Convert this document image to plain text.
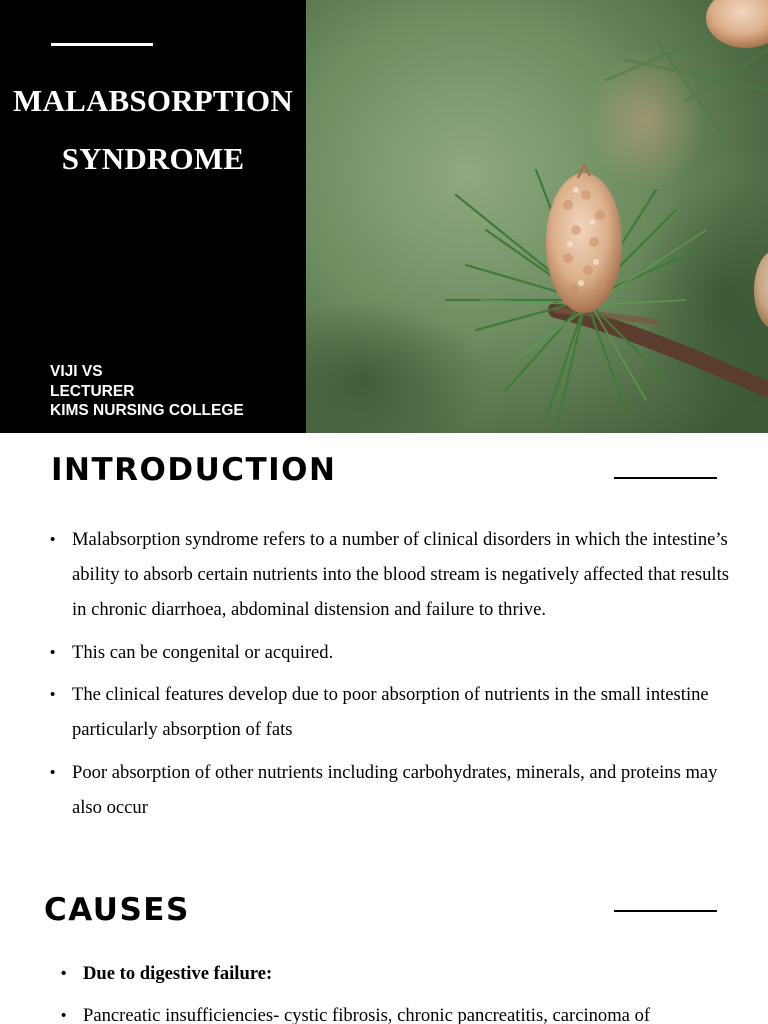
MALABSORPTION
SYNDROME
VIJI VS
LECTURER
KIMS NURSING COLLEGE
INTRODUCTION
• Malabsorption syndrome refers to a number of clinical disorders in which the intestine’s ability to absorb certain nutrients into the blood stream is negatively affected that results in chronic diarrhoea, abdominal distension and failure to thrive.
• This can be congenital or acquired.
• The clinical features develop due to poor absorption of nutrients in the small intestine particularly absorption of fats
• Poor absorption of other nutrients including carbohydrates, minerals, and proteins may also occur
CAUSES
• Due to digestive failure:
• Pancreatic insufficiencies- cystic fibrosis, chronic pancreatitis, carcinoma of
